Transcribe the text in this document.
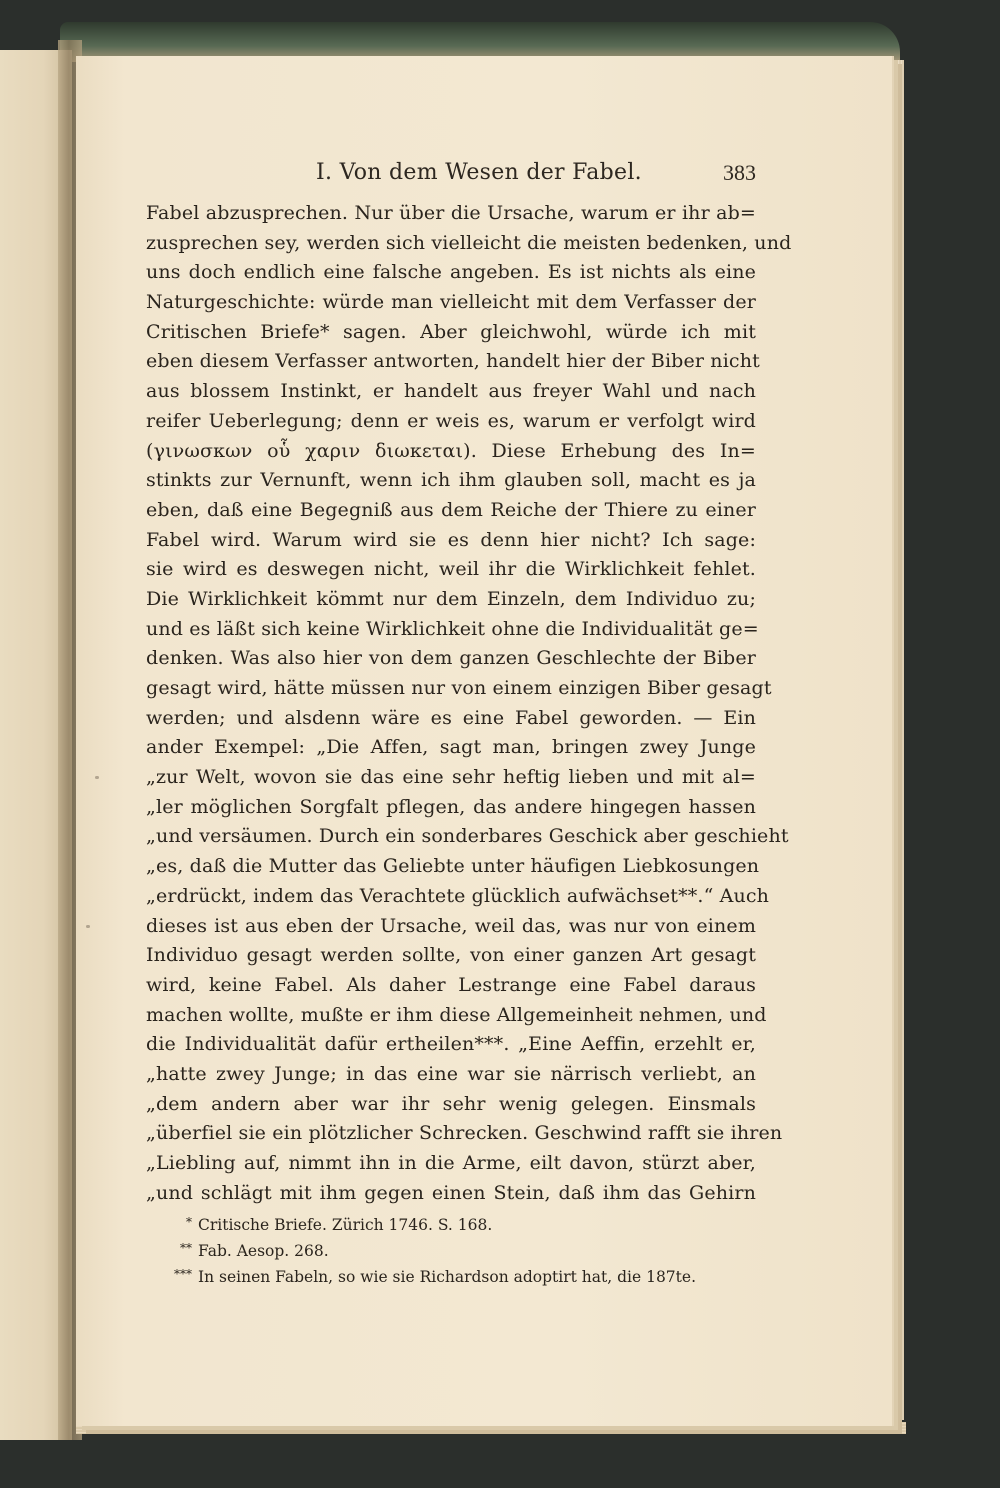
I. Von dem Wesen der Fabel.	383
Fabel abzusprechen. Nur über die Ursache, warum er ihr ab=
zusprechen sey, werden sich vielleicht die meisten bedenken, und
uns doch endlich eine falsche angeben. Es ist nichts als eine
Naturgeschichte: würde man vielleicht mit dem Verfasser der
Critischen Briefe* sagen. Aber gleichwohl, würde ich mit
eben diesem Verfasser antworten, handelt hier der Biber nicht
aus blossem Instinkt, er handelt aus freyer Wahl und nach
reifer Ueberlegung; denn er weis es, warum er verfolgt wird
(γινωσκων οὗ χαριν διωκεται). Diese Erhebung des In=
stinkts zur Vernunft, wenn ich ihm glauben soll, macht es ja
eben, daß eine Begegniß aus dem Reiche der Thiere zu einer
Fabel wird. Warum wird sie es denn hier nicht? Ich sage:
sie wird es deswegen nicht, weil ihr die Wirklichkeit fehlet.
Die Wirklichkeit kömmt nur dem Einzeln, dem Individuo zu;
und es läßt sich keine Wirklichkeit ohne die Individualität ge=
denken. Was also hier von dem ganzen Geschlechte der Biber
gesagt wird, hätte müssen nur von einem einzigen Biber gesagt
werden; und alsdenn wäre es eine Fabel geworden. — Ein
ander Exempel: „Die Affen, sagt man, bringen zwey Junge
„zur Welt, wovon sie das eine sehr heftig lieben und mit al=
„ler möglichen Sorgfalt pflegen, das andere hingegen hassen
„und versäumen. Durch ein sonderbares Geschick aber geschieht
„es, daß die Mutter das Geliebte unter häufigen Liebkosungen
„erdrückt, indem das Verachtete glücklich aufwächset**.“ Auch
dieses ist aus eben der Ursache, weil das, was nur von einem
Individuo gesagt werden sollte, von einer ganzen Art gesagt
wird, keine Fabel. Als daher Lestrange eine Fabel daraus
machen wollte, mußte er ihm diese Allgemeinheit nehmen, und
die Individualität dafür ertheilen***. „Eine Aeffin, erzehlt er,
„hatte zwey Junge; in das eine war sie närrisch verliebt, an
„dem andern aber war ihr sehr wenig gelegen. Einsmals
„überfiel sie ein plötzlicher Schrecken. Geschwind rafft sie ihren
„Liebling auf, nimmt ihn in die Arme, eilt davon, stürzt aber,
„und schlägt mit ihm gegen einen Stein, daß ihm das Gehirn
* Critische Briefe. Zürich 1746. S. 168.
** Fab. Aesop. 268.
*** In seinen Fabeln, so wie sie Richardson adoptirt hat, die 187te.
